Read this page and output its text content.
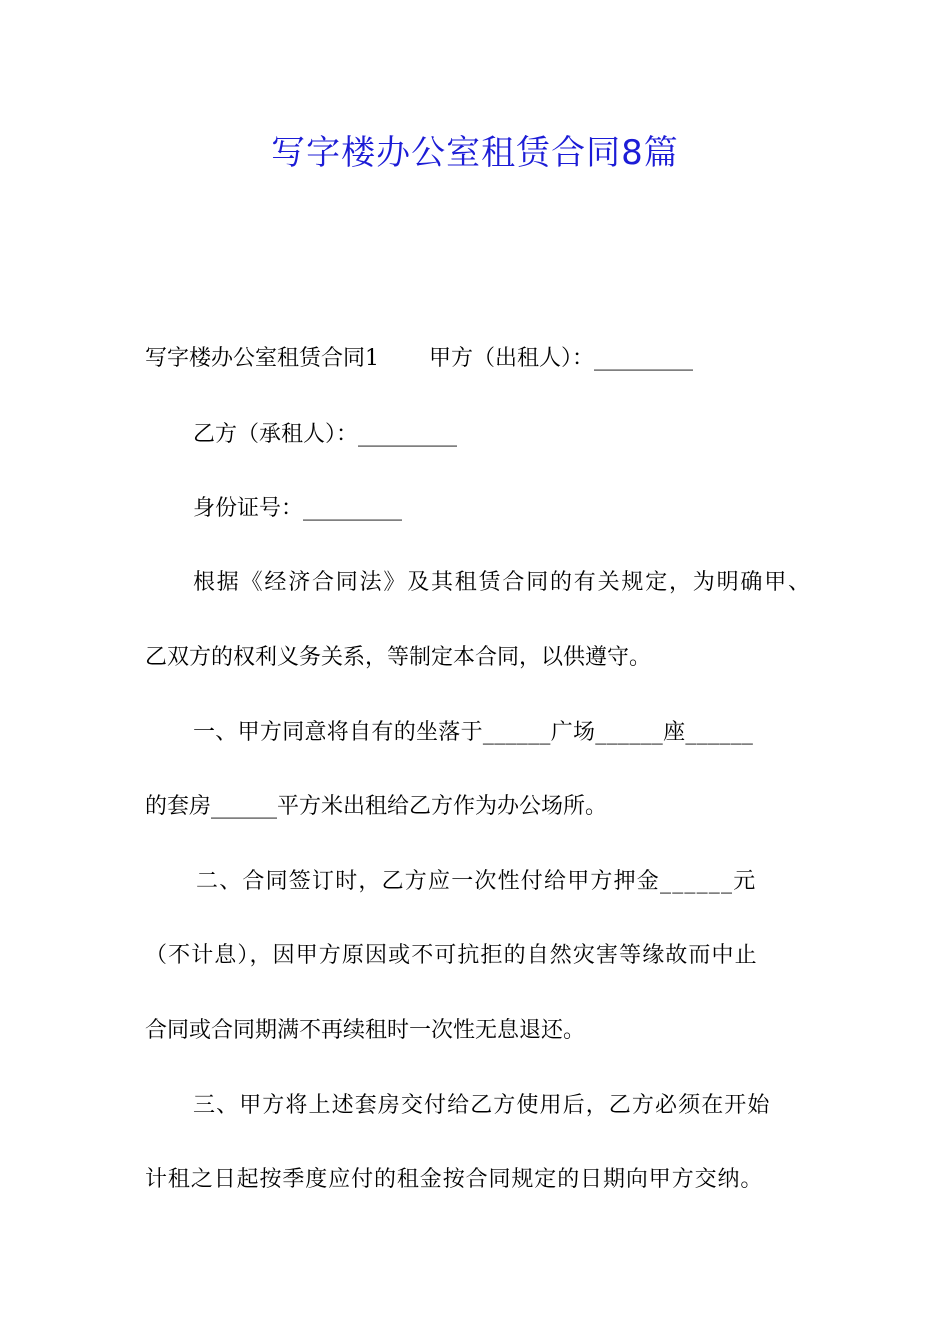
写字楼办公室租赁合同8篇
写字楼办公室租赁合同1 甲方（出租人）：_________
乙方（承租人）：_________
身份证号：_________
根据《经济合同法》及其租赁合同的有关规定，为明确甲、
乙双方的权利义务关系，等制定本合同，以供遵守。
一、甲方同意将自有的坐落于______广场______座______
的套房______平方米出租给乙方作为办公场所。
二、合同签订时，乙方应一次性付给甲方押金______元
（不计息），因甲方原因或不可抗拒的自然灾害等缘故而中止
合同或合同期满不再续租时一次性无息退还。
三、甲方将上述套房交付给乙方使用后，乙方必须在开始
计租之日起按季度应付的租金按合同规定的日期向甲方交纳。
